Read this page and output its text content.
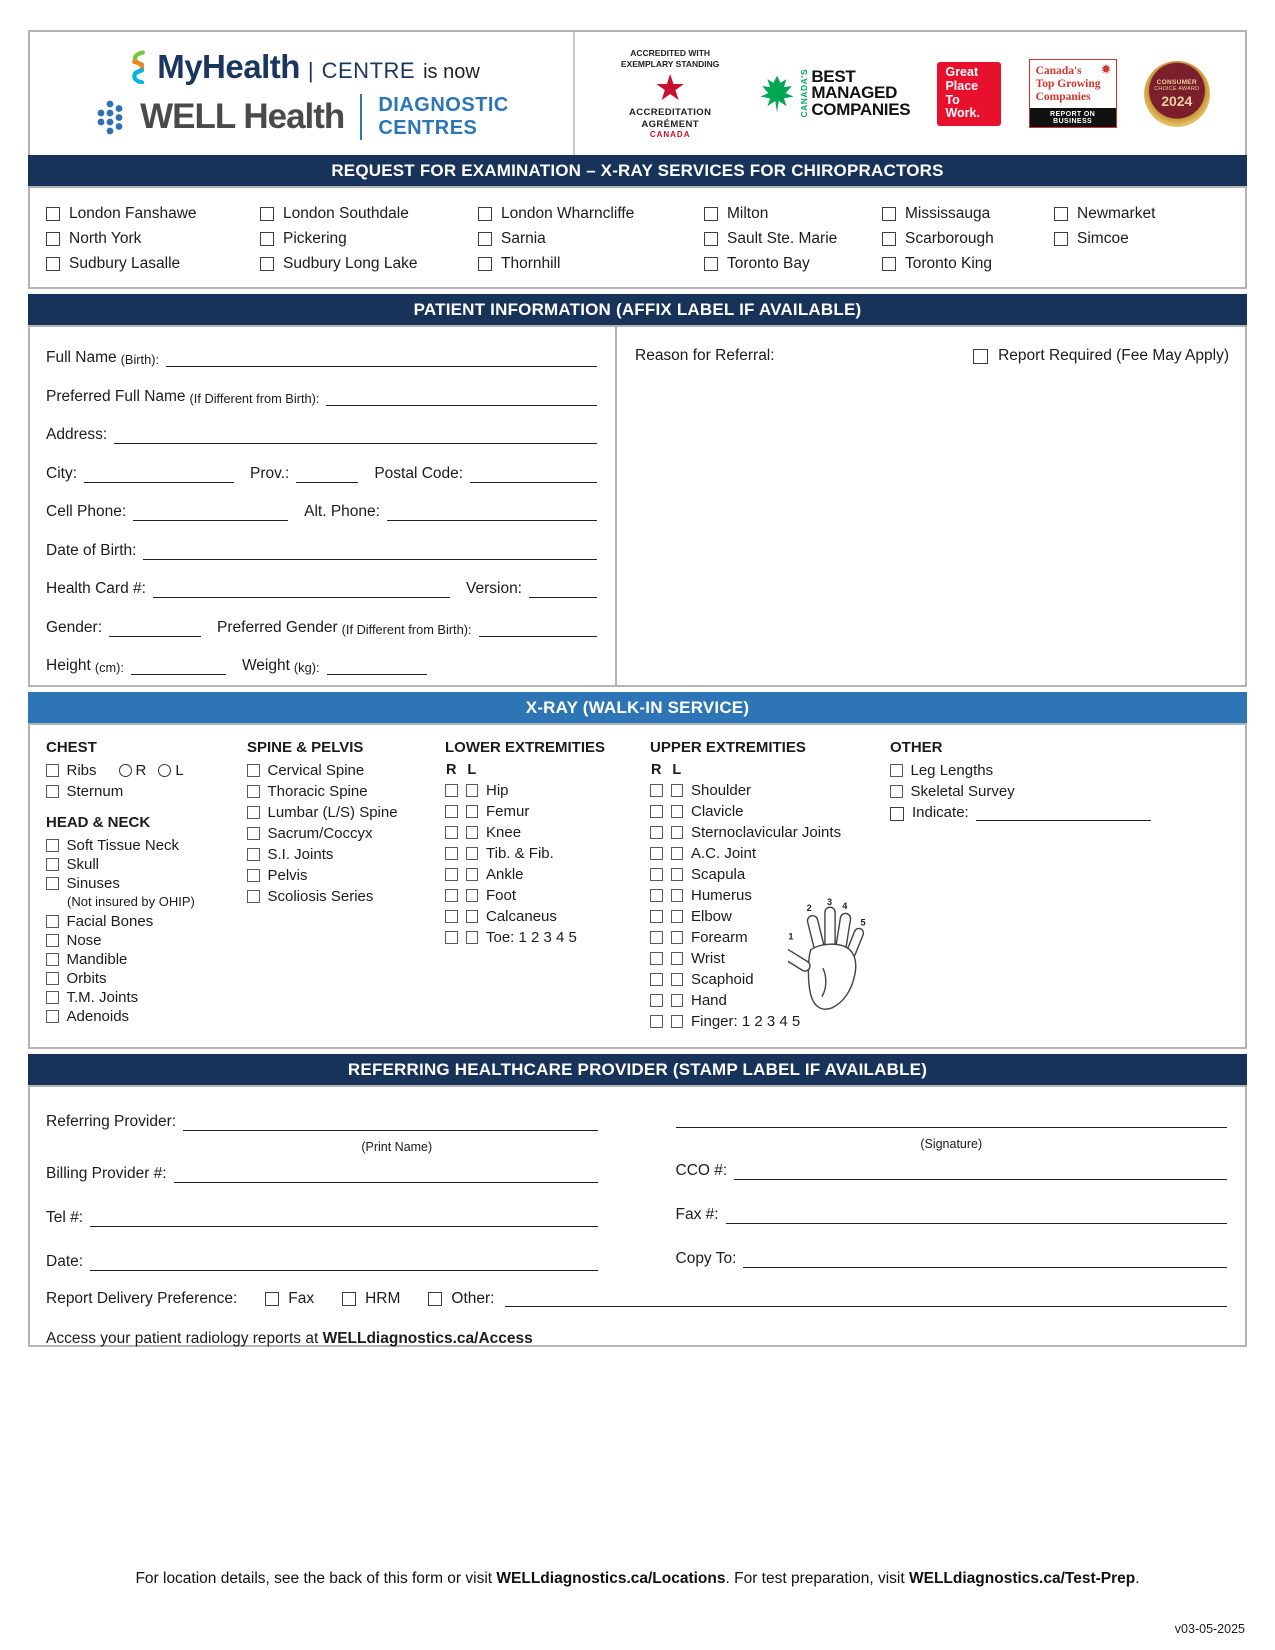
MyHealth | CENTRE is now
WELL Health DIAGNOSTIC
CENTRES
ACCREDITED WITH
EXEMPLARY STANDING
★
ACCREDITATION
AGRÉMENT
CANADA
CANADA'S BEST
MANAGED
COMPANIES
Great
Place
To
Work.
Canada's
Top Growing
Companies
REPORT ON BUSINESS
CONSUMER
CHOICE AWARD
2024
REQUEST FOR EXAMINATION – X-RAY SERVICES FOR CHIROPRACTORS
London Fanshawe
North York
Sudbury Lasalle
London Southdale
Pickering
Sudbury Long Lake
London Wharncliffe
Sarnia
Thornhill
Milton
Sault Ste. Marie
Toronto Bay
Mississauga
Scarborough
Toronto King
Newmarket
Simcoe
PATIENT INFORMATION (AFFIX LABEL IF AVAILABLE)
Full Name (Birth):
Preferred Full Name (If Different from Birth):
Address:
City:	Prov.:	Postal Code:
Cell Phone:	Alt. Phone:
Date of Birth:
Health Card #:	Version:
Gender:	Preferred Gender (If Different from Birth):
Height (cm):	Weight (kg):
Reason for Referral:	Report Required (Fee May Apply)
X-RAY (WALK-IN SERVICE)
CHEST
Ribs	R L
Sternum
HEAD & NECK
Soft Tissue Neck
Skull
Sinuses
(Not insured by OHIP)
Facial Bones
Nose
Mandible
Orbits
T.M. Joints
Adenoids
SPINE & PELVIS
Cervical Spine
Thoracic Spine
Lumbar (L/S) Spine
Sacrum/Coccyx
S.I. Joints
Pelvis
Scoliosis Series
LOWER EXTREMITIES
R L
Hip
Femur
Knee
Tib. & Fib.
Ankle
Foot
Calcaneus
Toe: 1 2 3 4 5
UPPER EXTREMITIES
R L
Shoulder
Clavicle
Sternoclavicular Joints
A.C. Joint
Scapula
Humerus
Elbow
Forearm
Wrist
Scaphoid
Hand
Finger: 1 2 3 4 5
1
2
3 4
5
OTHER
Leg Lengths
Skeletal Survey
Indicate:
REFERRING HEALTHCARE PROVIDER (STAMP LABEL IF AVAILABLE)
Referring Provider:
(Print Name)
Billing Provider #:
Tel #:
Date:
(Signature)
CCO #:
Fax #:
Copy To:
Report Delivery Preference:	Fax	HRM	Other:
Access your patient radiology reports at WELLdiagnostics.ca/Access
For location details, see the back of this form or visit WELLdiagnostics.ca/Locations. For test preparation, visit WELLdiagnostics.ca/Test-Prep.
v03-05-2025
